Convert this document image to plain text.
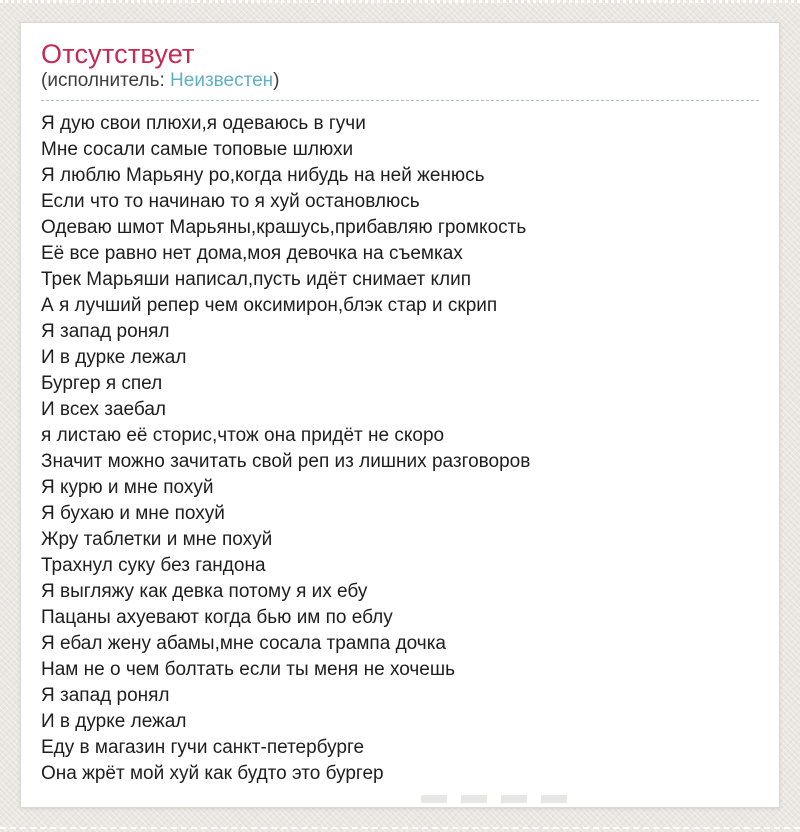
Отсутствует
(исполнитель: Неизвестен)
Я дую свои плюхи,я одеваюсь в гучи
Мне сосали самые топовые шлюхи
Я люблю Марьяну ро,когда нибудь на ней женюсь
Если что то начинаю то я хуй остановлюсь
Одеваю шмот Марьяны,крашусь,прибавляю громкость
Её все равно нет дома,моя девочка на съемках
Трек Марьяши написал,пусть идёт снимает клип
А я лучший репер чем оксимирон,блэк стар и скрип
Я запад ронял
И в дурке лежал
Бургер я спел
И всех заебал
я листаю её сторис,чтож она придёт не скоро
Значит можно зачитать свой реп из лишних разговоров
Я курю и мне похуй
Я бухаю и мне похуй
Жру таблетки и мне похуй
Трахнул суку без гандона
Я выгляжу как девка потому я их ебу
Пацаны ахуевают когда бью им по еблу
Я ебал жену абамы,мне сосала трампа дочка
Нам не о чем болтать если ты меня не хочешь
Я запад ронял
И в дурке лежал
Еду в магазин гучи санкт-петербурге
Она жрёт мой хуй как будто это бургер
